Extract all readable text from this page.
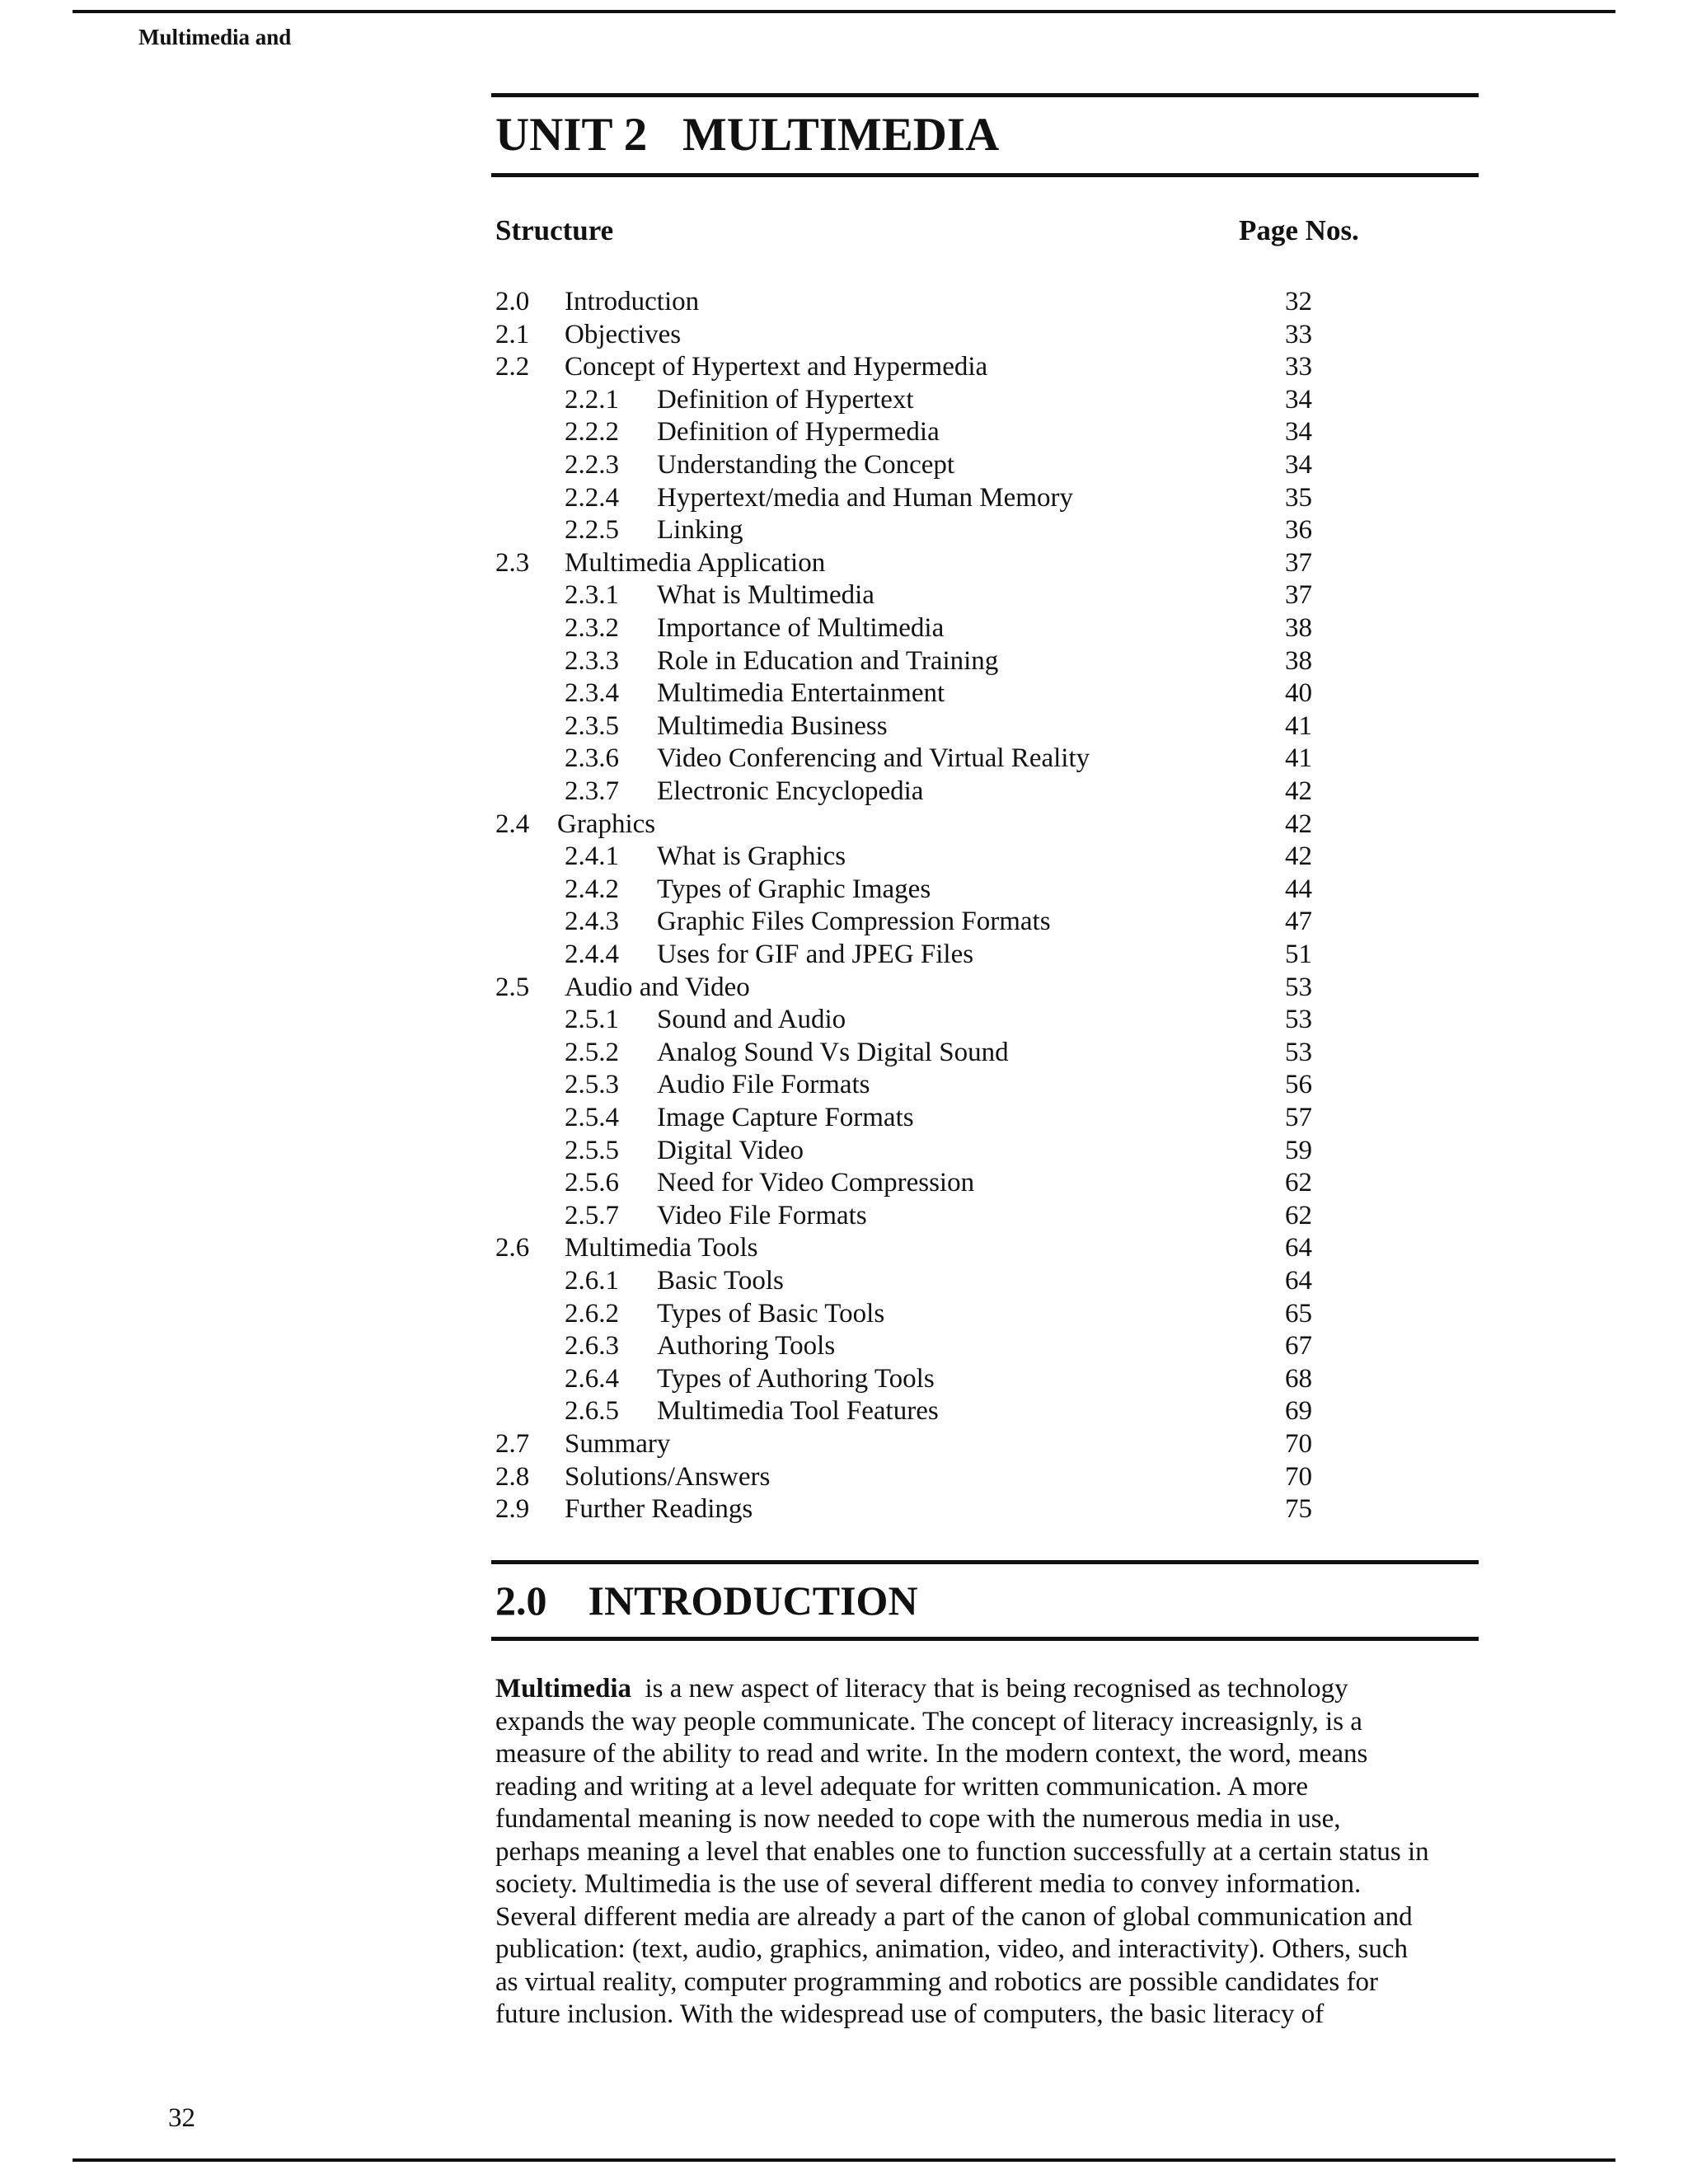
Multimedia and
UNIT 2   MULTIMEDIA
Structure	Page Nos.
2.0 Introduction	32
2.1 Objectives	33
2.2 Concept of Hypertext and Hypermedia	33
2.2.1 Definition of Hypertext	34
2.2.2 Definition of Hypermedia	34
2.2.3 Understanding the Concept	34
2.2.4 Hypertext/media and Human Memory	35
2.2.5 Linking	36
2.3 Multimedia Application	37
2.3.1 What is Multimedia	37
2.3.2 Importance of Multimedia	38
2.3.3 Role in Education and Training	38
2.3.4 Multimedia Entertainment	40
2.3.5 Multimedia Business	41
2.3.6 Video Conferencing and Virtual Reality	41
2.3.7 Electronic Encyclopedia	42
2.4 Graphics	42
2.4.1 What is Graphics	42
2.4.2 Types of Graphic Images	44
2.4.3 Graphic Files Compression Formats	47
2.4.4 Uses for GIF and JPEG Files	51
2.5 Audio and Video	53
2.5.1 Sound and Audio	53
2.5.2 Analog Sound Vs Digital Sound	53
2.5.3 Audio File Formats	56
2.5.4 Image Capture Formats	57
2.5.5 Digital Video	59
2.5.6 Need for Video Compression	62
2.5.7 Video File Formats	62
2.6 Multimedia Tools	64
2.6.1 Basic Tools	64
2.6.2 Types of Basic Tools	65
2.6.3 Authoring Tools	67
2.6.4 Types of Authoring Tools	68
2.6.5 Multimedia Tool Features	69
2.7 Summary	70
2.8 Solutions/Answers	70
2.9 Further Readings	75
2.0    INTRODUCTION
Multimedia  is a new aspect of literacy that is being recognised as technology
expands the way people communicate. The concept of literacy increasignly, is a
measure of the ability to read and write. In the modern context, the word, means
reading and writing at a level adequate for written communication. A more
fundamental meaning is now needed to cope with the numerous media in use,
perhaps meaning a level that enables one to function successfully at a certain status in
society. Multimedia is the use of several different media to convey information.
Several different media are already a part of the canon of global communication and
publication: (text, audio, graphics, animation, video, and interactivity). Others, such
as virtual reality, computer programming and robotics are possible candidates for
future inclusion. With the widespread use of computers, the basic literacy of
32
